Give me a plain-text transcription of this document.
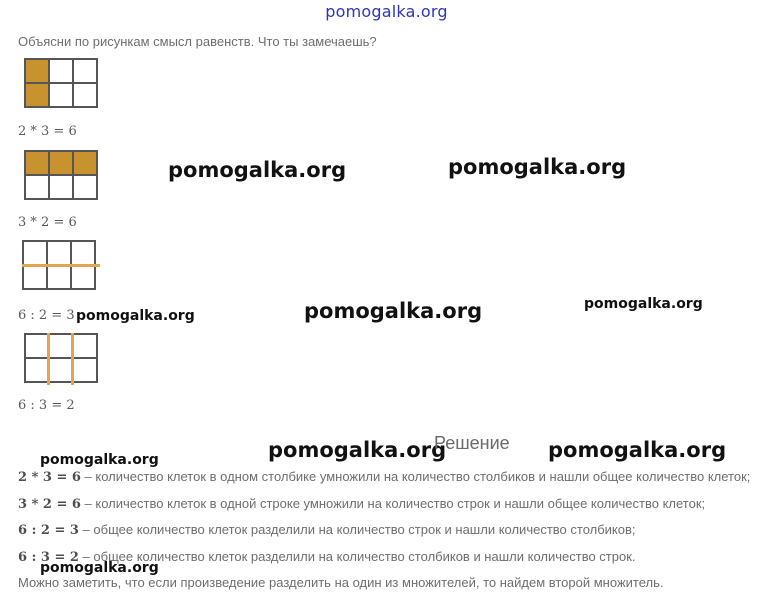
pomogalka.org
Объясни по рисункам смысл равенств. Что ты замечаешь?

2 * 3 = 6

3 * 2 = 6

6 : 2 = 3

6 : 3 = 2
pomogalka.org	pomogalka.org
pomogalka.org	pomogalka.org	pomogalka.org
pomogalka.org	pomogalka.org	pomogalka.org
pomogalka.org
Решение
2 * 3 = 6 – количество клеток в одном столбике умножили на количество столбиков и нашли общее количество клеток;
3 * 2 = 6 – количество клеток в одной строке умножили на количество строк и нашли общее количество клеток;
6 : 2 = 3 – общее количество клеток разделили на количество строк и нашли количество столбиков;
6 : 3 = 2 – общее количество клеток разделили на количество столбиков и нашли количество строк.
Можно заметить, что если произведение разделить на один из множителей, то найдем второй множитель.
